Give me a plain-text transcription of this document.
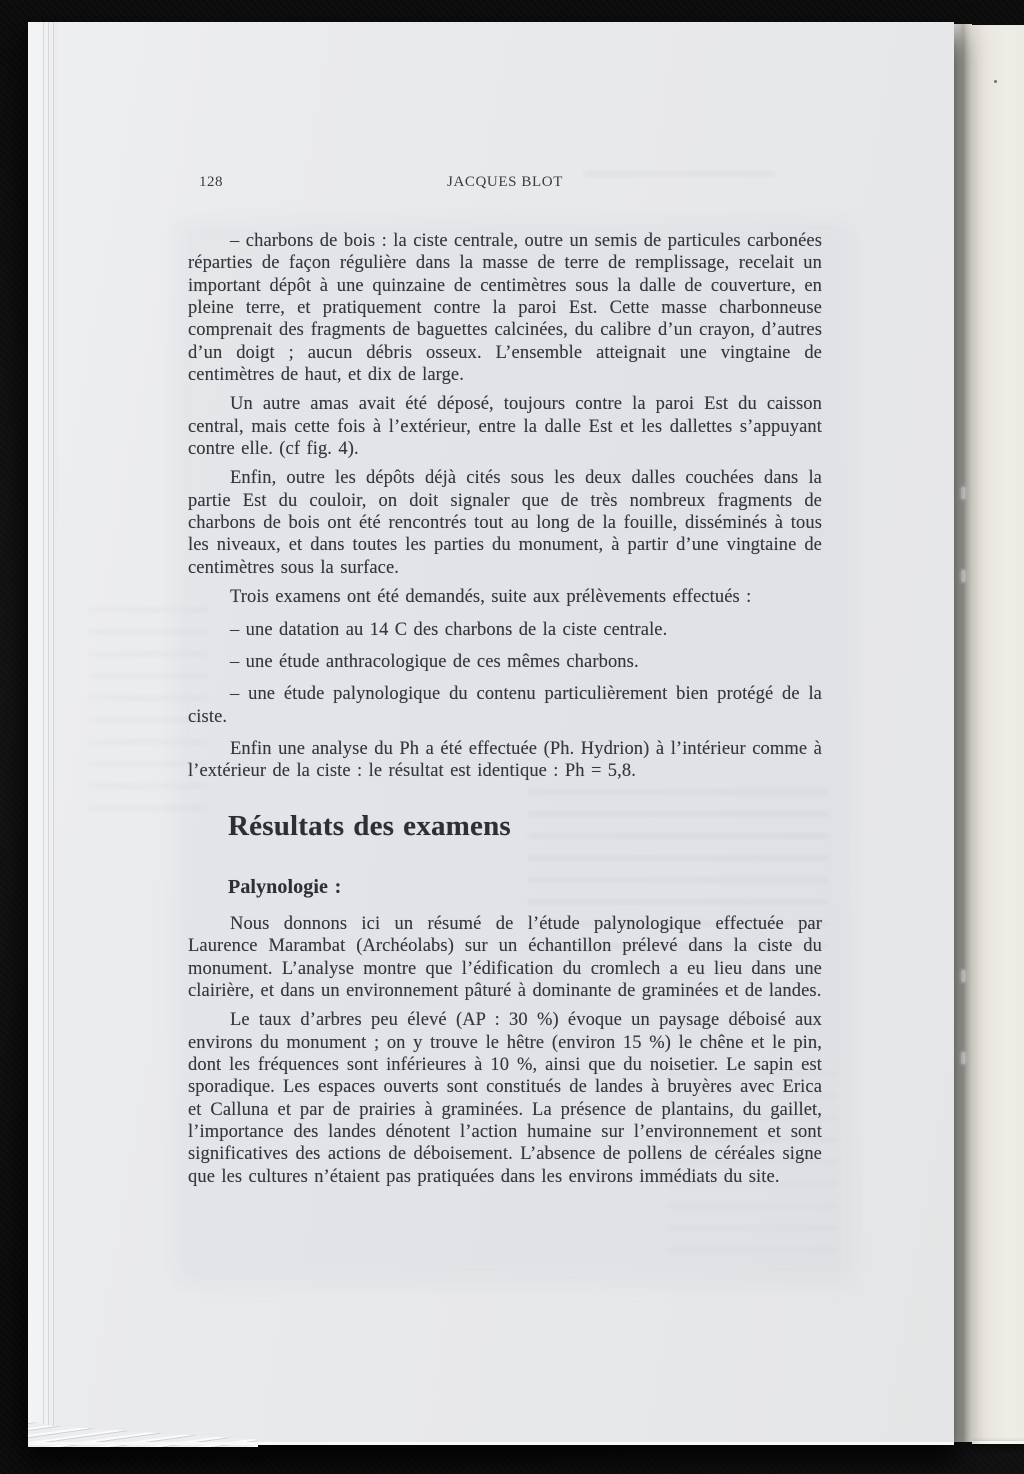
128	JACQUES BLOT

– charbons de bois : la ciste centrale, outre un semis de particules carbonées réparties de façon régulière dans la masse de terre de remplissage, recelait un important dépôt à une quinzaine de centimètres sous la dalle de couverture, en pleine terre, et pratiquement contre la paroi Est. Cette masse charbonneuse comprenait des fragments de baguettes calcinées, du calibre d’un crayon, d’autres d’un doigt ; aucun débris osseux. L’ensemble atteignait une vingtaine de centimètres de haut, et dix de large.

Un autre amas avait été déposé, toujours contre la paroi Est du caisson central, mais cette fois à l’extérieur, entre la dalle Est et les dallettes s’appuyant contre elle. (cf fig. 4).

Enfin, outre les dépôts déjà cités sous les deux dalles couchées dans la partie Est du couloir, on doit signaler que de très nombreux fragments de charbons de bois ont été rencontrés tout au long de la fouille, disséminés à tous les niveaux, et dans toutes les parties du monument, à partir d’une vingtaine de centimètres sous la surface.

Trois examens ont été demandés, suite aux prélèvements effectués :

– une datation au 14 C des charbons de la ciste centrale.

– une étude anthracologique de ces mêmes charbons.

– une étude palynologique du contenu particulièrement bien protégé de la ciste.

Enfin une analyse du Ph a été effectuée (Ph. Hydrion) à l’intérieur comme à l’extérieur de la ciste : le résultat est identique : Ph = 5,8.

Résultats des examens
Palynologie :

Nous donnons ici un résumé de l’étude palynologique effectuée par Laurence Marambat (Archéolabs) sur un échantillon prélevé dans la ciste du monument. L’analyse montre que l’édification du cromlech a eu lieu dans une clairière, et dans un environnement pâturé à dominante de graminées et de landes.

Le taux d’arbres peu élevé (AP : 30 %) évoque un paysage déboisé aux environs du monument ; on y trouve le hêtre (environ 15 %) le chêne et le pin, dont les fréquences sont inférieures à 10 %, ainsi que du noisetier. Le sapin est sporadique. Les espaces ouverts sont constitués de landes à bruyères avec Erica et Calluna et par de prairies à graminées. La présence de plantains, du gaillet, l’importance des landes dénotent l’action humaine sur l’environnement et sont significatives des actions de déboisement. L’absence de pollens de céréales signe que les cultures n’étaient pas pratiquées dans les environs immédiats du site.
